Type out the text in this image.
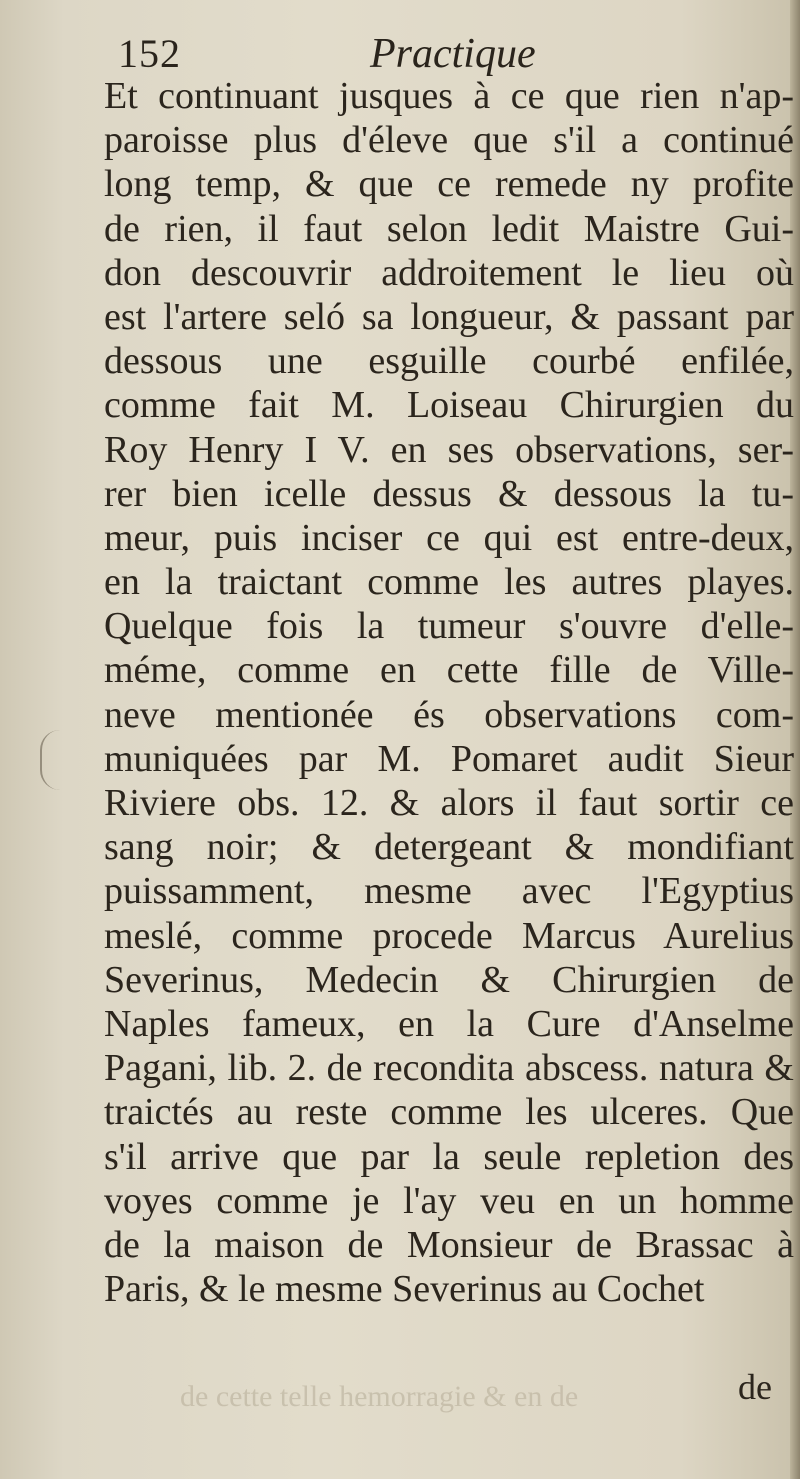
152	Practique
Et continuant jusques à ce que rien n'ap-
paroisse plus d'éleve que s'il a continué
long temp, & que ce remede ny profite
de rien, il faut selon ledit Maistre Gui-
don descouvrir addroitement le lieu où
est l'artere seló sa longueur, & passant par
dessous une esguille courbé enfilée,
comme fait M. Loiseau Chirurgien du
Roy Henry I V. en ses observations, ser-
rer bien icelle dessus & dessous la tu-
meur, puis inciser ce qui est entre-deux,
en la traictant comme les autres playes.
Quelque fois la tumeur s'ouvre d'elle-
méme, comme en cette fille de Ville-
neve mentionée és observations com-
muniquées par M. Pomaret audit Sieur
Riviere obs. 12. & alors il faut sortir ce
sang noir; & detergeant & mondifiant
puissamment, mesme avec l'Egyptius
meslé, comme procede Marcus Aurelius
Severinus, Medecin & Chirurgien de
Naples fameux, en la Cure d'Anselme
Pagani, lib. 2. de recondita abscess. natura &
traictés au reste comme les ulceres. Que
s'il arrive que par la seule repletion des
voyes comme je l'ay veu en un homme
de la maison de Monsieur de Brassac à
Paris, & le mesme Severinus au Cochet
de cette telle hemorragie & en de	de
